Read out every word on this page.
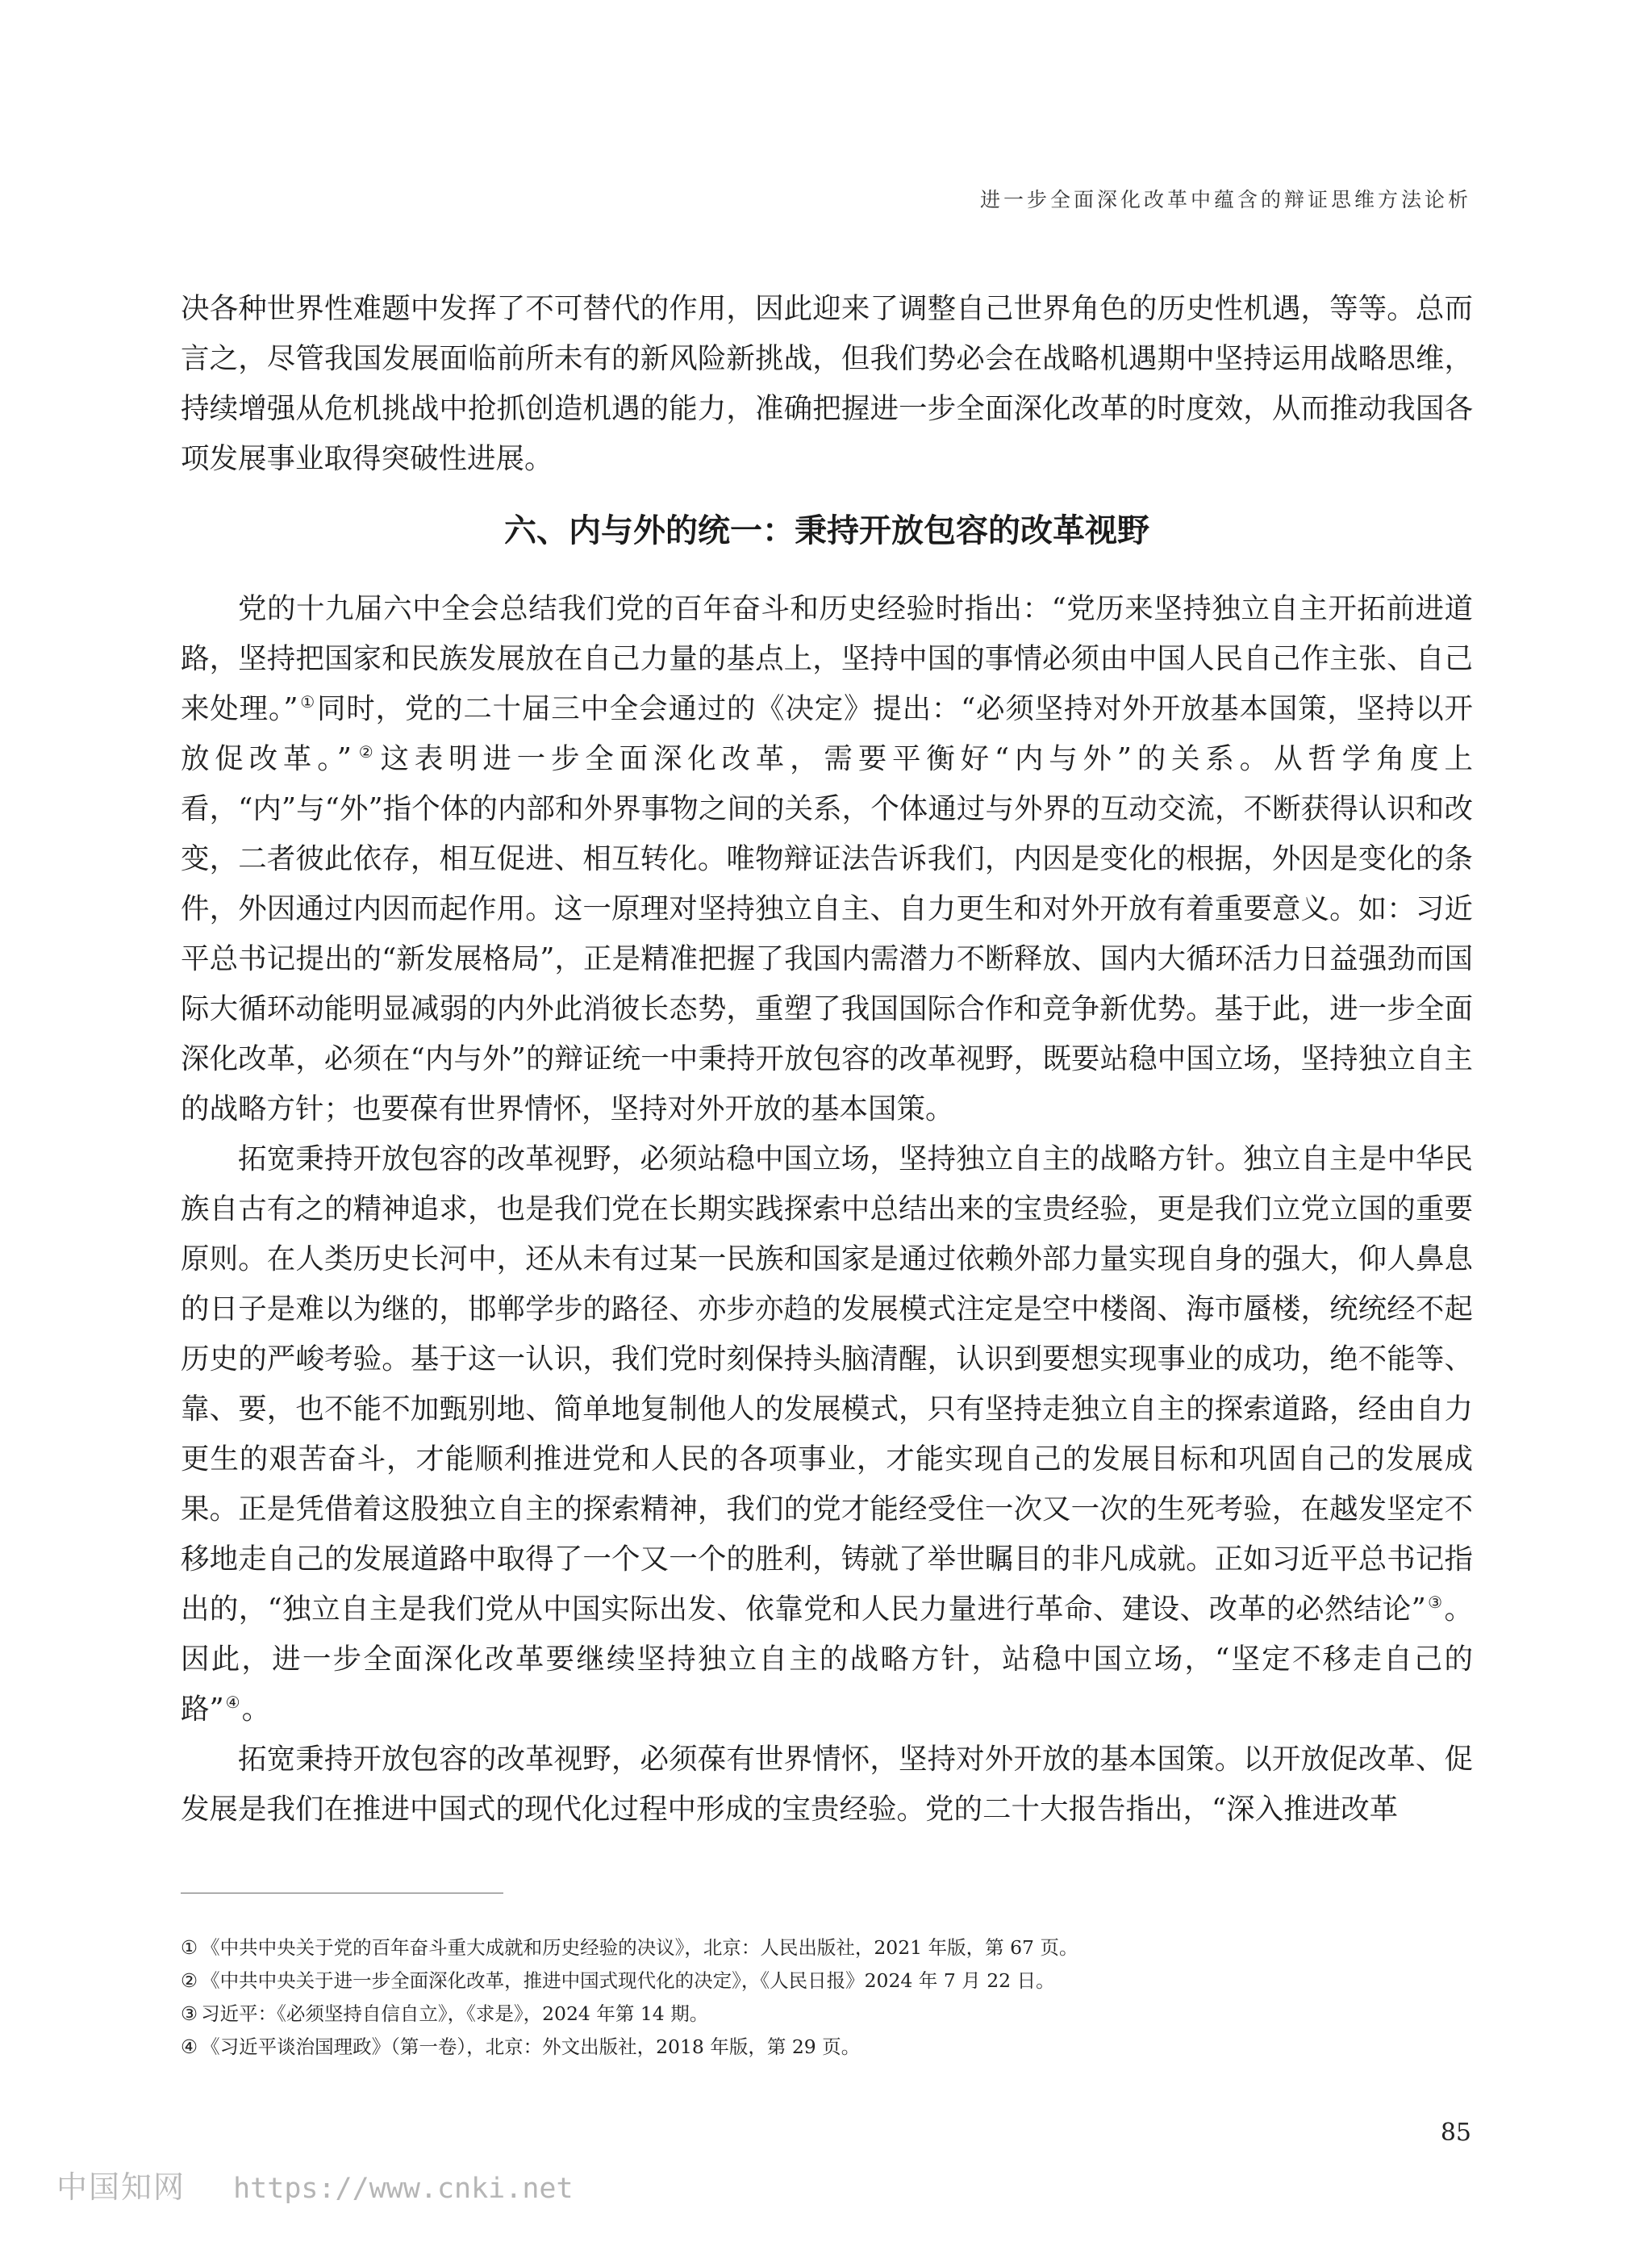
进一步全面深化改革中蕴含的辩证思维方法论析

决各种世界性难题中发挥了不可替代的作用，因此迎来了调整自己世界角色的历史性机遇，等等。总而言之，尽管我国发展面临前所未有的新风险新挑战，但我们势必会在战略机遇期中坚持运用战略思维，持续增强从危机挑战中抢抓创造机遇的能力，准确把握进一步全面深化改革的时度效，从而推动我国各项发展事业取得突破性进展。

六、内与外的统一：秉持开放包容的改革视野

党的十九届六中全会总结我们党的百年奋斗和历史经验时指出：“党历来坚持独立自主开拓前进道路，坚持把国家和民族发展放在自己力量的基点上，坚持中国的事情必须由中国人民自己作主张、自己来处理。” ①同时，党的二十届三中全会通过的《决定》提出：“必须坚持对外开放基本国策，坚持以开放促改革。” ②这表明进一步全面深化改革，需要平衡好“内与外”的关系。从哲学角度上看，“内”与“外”指个体的内部和外界事物之间的关系，个体通过与外界的互动交流，不断获得认识和改变，二者彼此依存，相互促进、相互转化。唯物辩证法告诉我们，内因是变化的根据，外因是变化的条件，外因通过内因而起作用。这一原理对坚持独立自主、自力更生和对外开放有着重要意义。如：习近平总书记提出的“新发展格局”，正是精准把握了我国内需潜力不断释放、国内大循环活力日益强劲而国际大循环动能明显减弱的内外此消彼长态势，重塑了我国国际合作和竞争新优势。基于此，进一步全面深化改革，必须在“内与外”的辩证统一中秉持开放包容的改革视野，既要站稳中国立场，坚持独立自主的战略方针；也要葆有世界情怀，坚持对外开放的基本国策。

拓宽秉持开放包容的改革视野，必须站稳中国立场，坚持独立自主的战略方针。独立自主是中华民族自古有之的精神追求，也是我们党在长期实践探索中总结出来的宝贵经验，更是我们立党立国的重要原则。在人类历史长河中，还从未有过某一民族和国家是通过依赖外部力量实现自身的强大，仰人鼻息的日子是难以为继的，邯郸学步的路径、亦步亦趋的发展模式注定是空中楼阁、海市蜃楼，统统经不起历史的严峻考验。基于这一认识，我们党时刻保持头脑清醒，认识到要想实现事业的成功，绝不能等、靠、要，也不能不加甄别地、简单地复制他人的发展模式，只有坚持走独立自主的探索道路，经由自力更生的艰苦奋斗，才能顺利推进党和人民的各项事业，才能实现自己的发展目标和巩固自己的发展成果。正是凭借着这股独立自主的探索精神，我们的党才能经受住一次又一次的生死考验，在越发坚定不移地走自己的发展道路中取得了一个又一个的胜利，铸就了举世瞩目的非凡成就。正如习近平总书记指出的，“独立自主是我们党从中国实际出发、依靠党和人民力量进行革命、建设、改革的必然结论” ③。因此，进一步全面深化改革要继续坚持独立自主的战略方针，站稳中国立场，“坚定不移走自己的路” ④。

拓宽秉持开放包容的改革视野，必须葆有世界情怀，坚持对外开放的基本国策。以开放促改革、促发展是我们在推进中国式的现代化过程中形成的宝贵经验。党的二十大报告指出，“深入推进改革

① 《中共中央关于党的百年奋斗重大成就和历史经验的决议》，北京：人民出版社，2021 年版，第 67 页。

② 《中共中央关于进一步全面深化改革，推进中国式现代化的决定》，《人民日报》2024 年 7 月 22 日。

③ 习近平：《必须坚持自信自立》，《求是》，2024 年第 14 期。

④ 《习近平谈治国理政》（第一卷），北京：外文出版社，2018 年版，第 29 页。

85
中国知网 https://www.cnki.net
